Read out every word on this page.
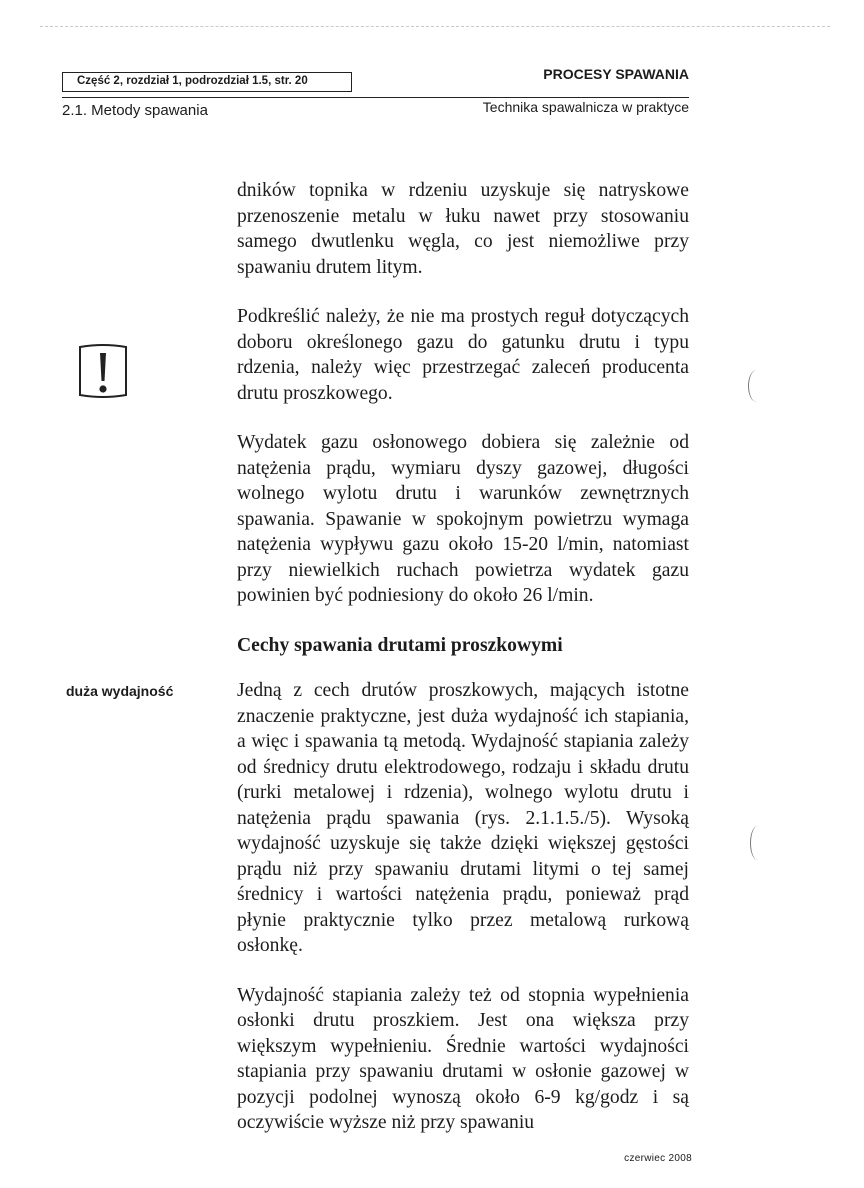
Część 2, rozdział 1, podrozdział 1.5, str. 20	PROCESY SPAWANIA
2.1. Metody spawania	Technika spawalnicza w praktyce
duża wydajność

dników topnika w rdzeniu uzyskuje się natryskowe przenoszenie metalu w łuku nawet przy stosowaniu samego dwutlenku węgla, co jest niemożliwe przy spawaniu drutem litym.

Podkreślić należy, że nie ma prostych reguł dotyczących doboru określonego gazu do gatunku drutu i typu rdzenia, należy więc przestrzegać zaleceń producenta drutu proszkowego.

Wydatek gazu osłonowego dobiera się zależnie od natężenia prądu, wymiaru dyszy gazowej, długości wolnego wylotu drutu i warunków zewnętrznych spawania. Spawanie w spokojnym powietrzu wymaga natężenia wypływu gazu około 15-20 l/min, natomiast przy niewielkich ruchach powietrza wydatek gazu powinien być podniesiony do około 26 l/min.

Cechy spawania drutami proszkowymi

Jedną z cech drutów proszkowych, mających istotne znaczenie praktyczne, jest duża wydajność ich stapiania, a więc i spawania tą metodą. Wydajność stapiania zależy od średnicy drutu elektrodowego, rodzaju i składu drutu (rurki metalowej i rdzenia), wolnego wylotu drutu i natężenia prądu spawania (rys. 2.1.1.5./5). Wysoką wydajność uzyskuje się także dzięki większej gęstości prądu niż przy spawaniu drutami litymi o tej samej średnicy i wartości natężenia prądu, ponieważ prąd płynie praktycznie tylko przez metalową rurkową osłonkę.

Wydajność stapiania zależy też od stopnia wypełnienia osłonki drutu proszkiem. Jest ona większa przy większym wypełnieniu. Średnie wartości wydajności stapiania przy spawaniu drutami w osłonie gazowej w pozycji podolnej wynoszą około 6-9 kg/godz i są oczywiście wyższe niż przy spawaniu

czerwiec 2008
